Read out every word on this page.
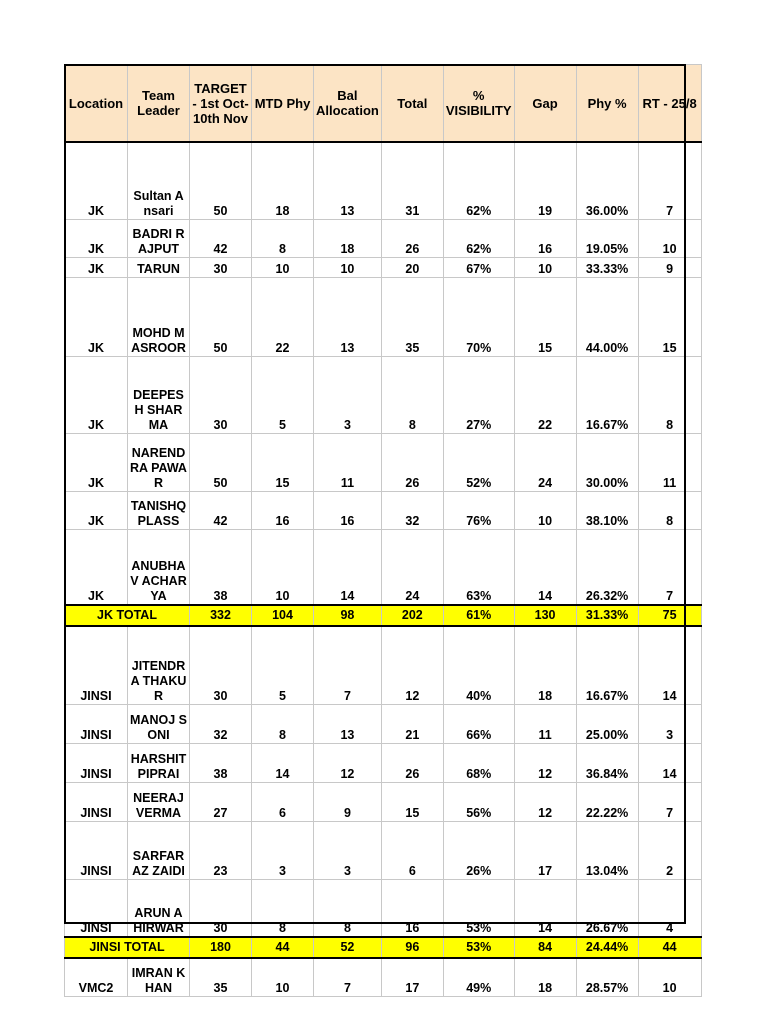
Location	Team Leader	TARGET - 1st Oct-10th Nov	MTD Phy	Bal Allocation	Total	% VISIBILITY	Gap	Phy %	RT - 25/8
JK	Sultan Ansari	50	18	13	31	62%	19	36.00%	7
JK	BADRI RAJPUT	42	8	18	26	62%	16	19.05%	10
JK	TARUN	30	10	10	20	67%	10	33.33%	9
JK	MOHD MASROOR	50	22	13	35	70%	15	44.00%	15
JK	DEEPESH SHARMA	30	5	3	8	27%	22	16.67%	8
JK	NARENDRA PAWAR	50	15	11	26	52%	24	30.00%	11
JK	TANISHQ PLASS	42	16	16	32	76%	10	38.10%	8
JK	ANUBHAV ACHARYA	38	10	14	24	63%	14	26.32%	7
JK TOTAL		332	104	98	202	61%	130	31.33%	75
JINSI	JITENDRA THAKUR	30	5	7	12	40%	18	16.67%	14
JINSI	MANOJ SONI	32	8	13	21	66%	11	25.00%	3
JINSI	HARSHIT PIPRAI	38	14	12	26	68%	12	36.84%	14
JINSI	NEERAJ VERMA	27	6	9	15	56%	12	22.22%	7
JINSI	SARFARAZ ZAIDI	23	3	3	6	26%	17	13.04%	2
JINSI	ARUN AHIRWAR	30	8	8	16	53%	14	26.67%	4
JINSI TOTAL		180	44	52	96	53%	84	24.44%	44
VMC2	IMRAN KHAN	35	10	7	17	49%	18	28.57%	10
